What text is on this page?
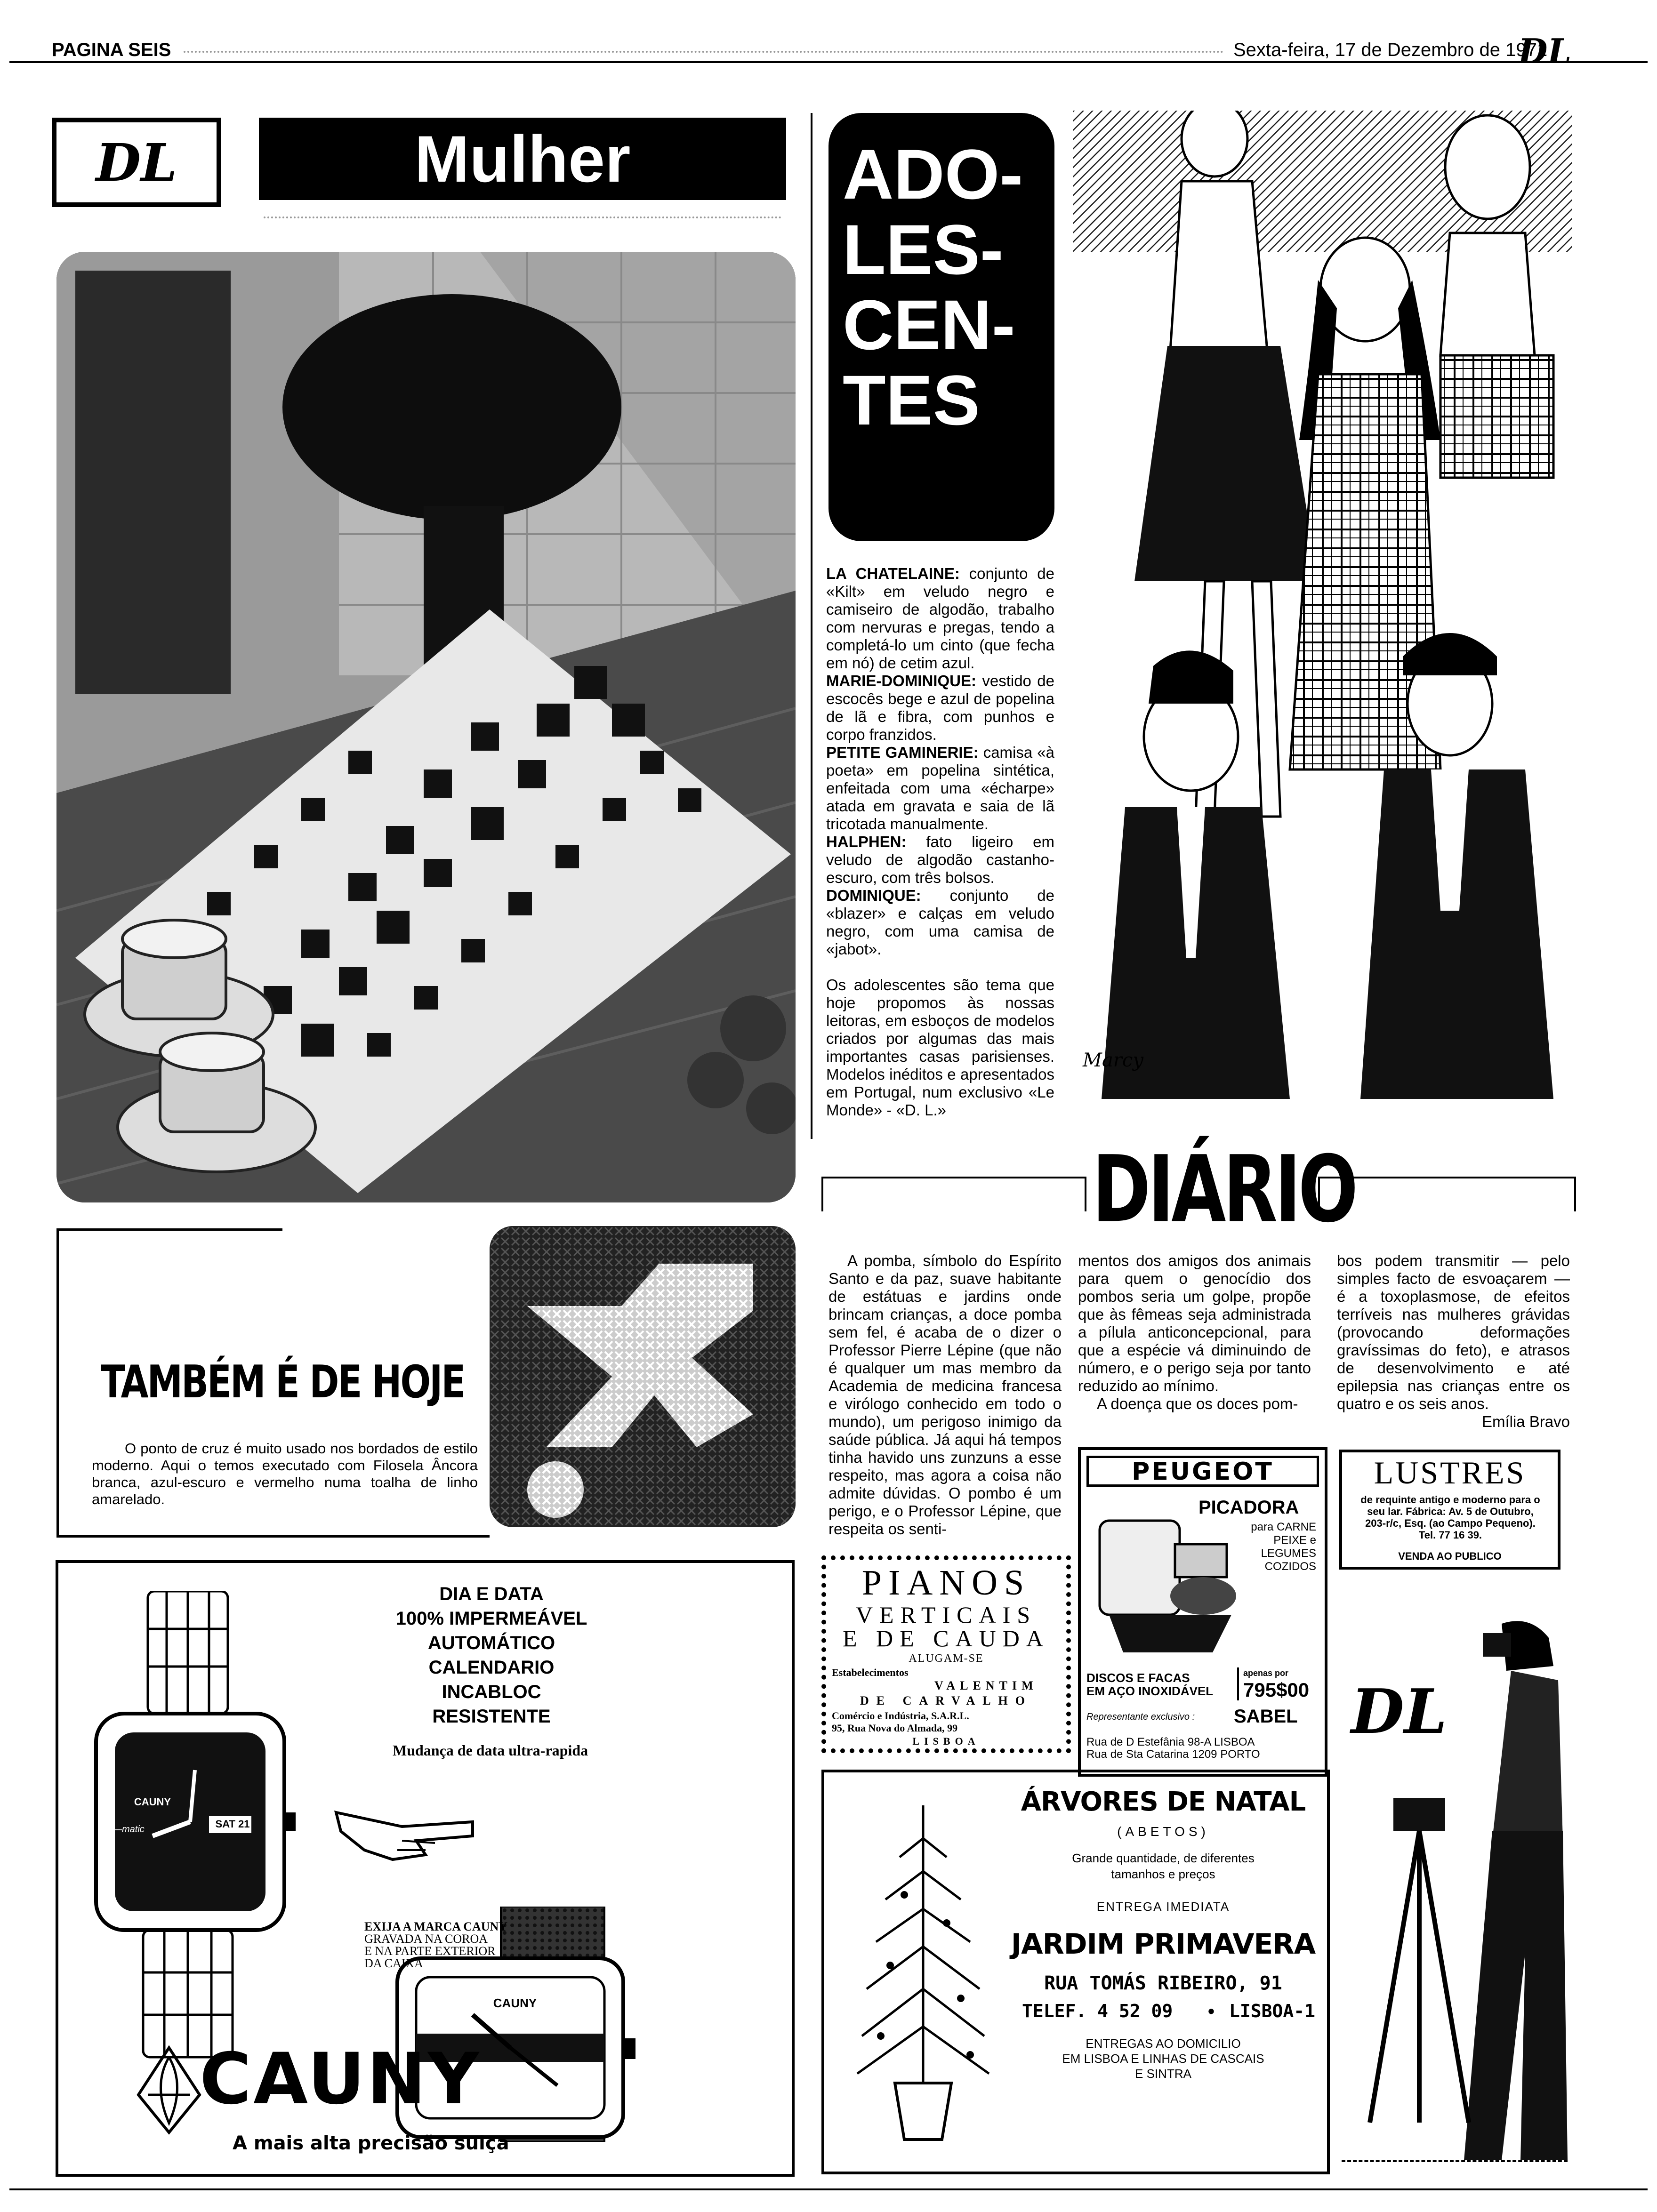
PAGINA SEIS	Sexta-feira, 17 de Dezembro de 1971
DL
DL	Mulher	ADO-
LES-
CEN-
TES

LA CHATELAINE: conjunto de «Kilt» em veludo negro e camiseiro de algodão, trabalho com nervuras e pregas, tendo a completá-lo um cinto (que fecha em nó) de cetim azul.

MARIE-DOMINIQUE: vestido de escocês bege e azul de popelina de lã e fibra, com punhos e corpo franzidos.

PETITE GAMINERIE: camisa «à poeta» em popelina sintética, enfeitada com uma «écharpe» atada em gravata e saia de lã tricotada manualmente.

HALPHEN: fato ligeiro em veludo de algodão castanho-escuro, com três bolsos.

DOMINIQUE: conjunto de «blazer» e calças em veludo negro, com uma camisa de «jabot».

Os adolescentes são tema que hoje propomos às nossas leitoras, em esboços de modelos criados por algumas das mais importantes casas parisienses. Modelos inéditos e apresentados em Portugal, num exclusivo «Le Monde» - «D. L.»

Marcy
DIÁRIO

A pomba, símbolo do Espírito Santo e da paz, suave habitante de estátuas e jardins onde brincam crianças, a doce pomba sem fel, é acaba de o dizer o Professor Pierre Lépine (que não é qualquer um mas membro da Academia de medicina francesa e virólogo conhecido em todo o mundo), um perigoso inimigo da saúde pública. Já aqui há tempos tinha havido uns zunzuns a esse respeito, mas agora a coisa não admite dúvidas. O pombo é um perigo, e o Professor Lépine, que respeita os senti-

mentos dos amigos dos animais para quem o genocídio dos pombos seria um golpe, propõe que às fêmeas seja administrada a pílula anticoncepcional, para que a espécie vá diminuindo de número, e o perigo seja por tanto reduzido ao mínimo.

A doença que os doces pom-

bos podem transmitir — pelo simples facto de esvoaçarem — é a toxoplasmose, de efeitos terríveis nas mulheres grávidas (provocando deformações gravíssimas do feto), e atrasos de desenvolvimento e até epilepsia nas crianças entre os quatro e os seis anos.

Emília Bravo

TAMBÉM É DE HOJE

O ponto de cruz é muito usado nos bordados de estilo moderno. Aqui o temos executado com Filosela Âncora branca, azul-escuro e vermelho numa toalha de linho amarelado.

CAUNY
—matic	SAT 21
CAUNY
DIA E DATA
100% IMPERMEÁVEL
AUTOMÁTICO
CALENDARIO
INCABLOC
RESISTENTE
Mudança de data ultra-rapida
EXIJA A MARCA CAUNY
GRAVADA NA COROA
E NA PARTE EXTERIOR
DA CAIXA
CAUNY
A mais alta precisão suiça
PEUGEOT
PICADORA
para CARNE
PEIXE e
LEGUMES
COZIDOS
DISCOS E FACAS
EM AÇO INOXIDÁVEL
apenas por
795$00
Representante exclusivo : SABEL
Rua de D Estefânia 98-A LISBOA
Rua de Sta Catarina 1209 PORTO
LUSTRES
de requinte antigo e moderno para o seu lar. Fábrica: Av. 5 de Outubro, 203-r/c, Esq. (ao Campo Pequeno). Tel. 77 16 39.
VENDA AO PUBLICO
DL
PIANOS
VERTICAIS
E DE CAUDA
ALUGAM-SE
Estabelecimentos
VALENTIM
DE CARVALHO
Comércio e Indústria, S.A.R.L.
95, Rua Nova do Almada, 99
LISBOA
ÁRVORES DE NATAL
(ABETOS)
Grande quantidade, de diferentes tamanhos e preços
ENTREGA IMEDIATA
JARDIM PRIMAVERA
RUA TOMÁS RIBEIRO, 91
TELEF. 4 52 09 • LISBOA-1
ENTREGAS AO DOMICILIO
EM LISBOA E LINHAS DE CASCAIS
E SINTRA
